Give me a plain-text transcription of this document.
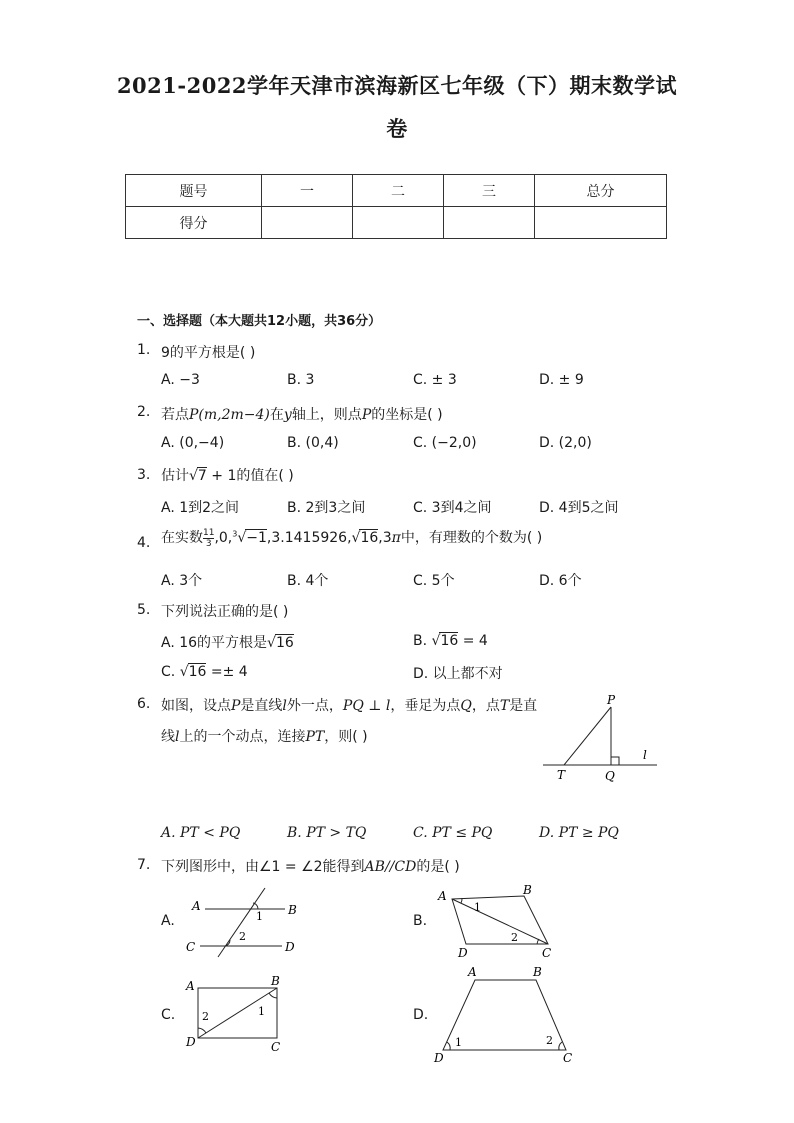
2021-2022学年天津市滨海新区七年级（下）期末数学试
卷
题号	一	二	三	总分
得分				
一、选择题（本大题共12小题，共36分）
1. 9的平方根是( )
A. −3	B. 3	C. ± 3	D. ± 9
2. 若点P(m,2m−4)在y轴上，则点P的坐标是( )
A. (0,−4)	B. (0,4)	C. (−2,0)	D. (2,0)
3. 估计√7 + 1的值在( )
A. 1到2之间	B. 2到3之间	C. 3到4之间	D. 4到5之间
4. 在实数 $\frac{11}{3} ,0,^3√-1,3.1415926,√16,3\pi$中，有理数的个数为( )
A. 3个	B. 4个	C. 5个	D. 6个
5. 下列说法正确的是( )
A. 16的平方根是√16	B. √16 = 4
C. √16 =± 4	D. 以上都不对
6. 如图，设点P是直线l外一点，PQ ⊥ l，垂足为点Q，点T是直
线l上的一个动点，连接PT，则( )
P
T	Q
l
A. PT < PQ	B. PT > TQ	C. PT ≤ PQ	D. PT ≥ PQ
7. 下列图形中，由∠1 = ∠2能得到AB//CD的是( )
A.
A	B
C	D
1
2
B.
A	B
C
D
1
2
C.
A	B
C
D
2	1	D.
A	B
C
D
1	2
